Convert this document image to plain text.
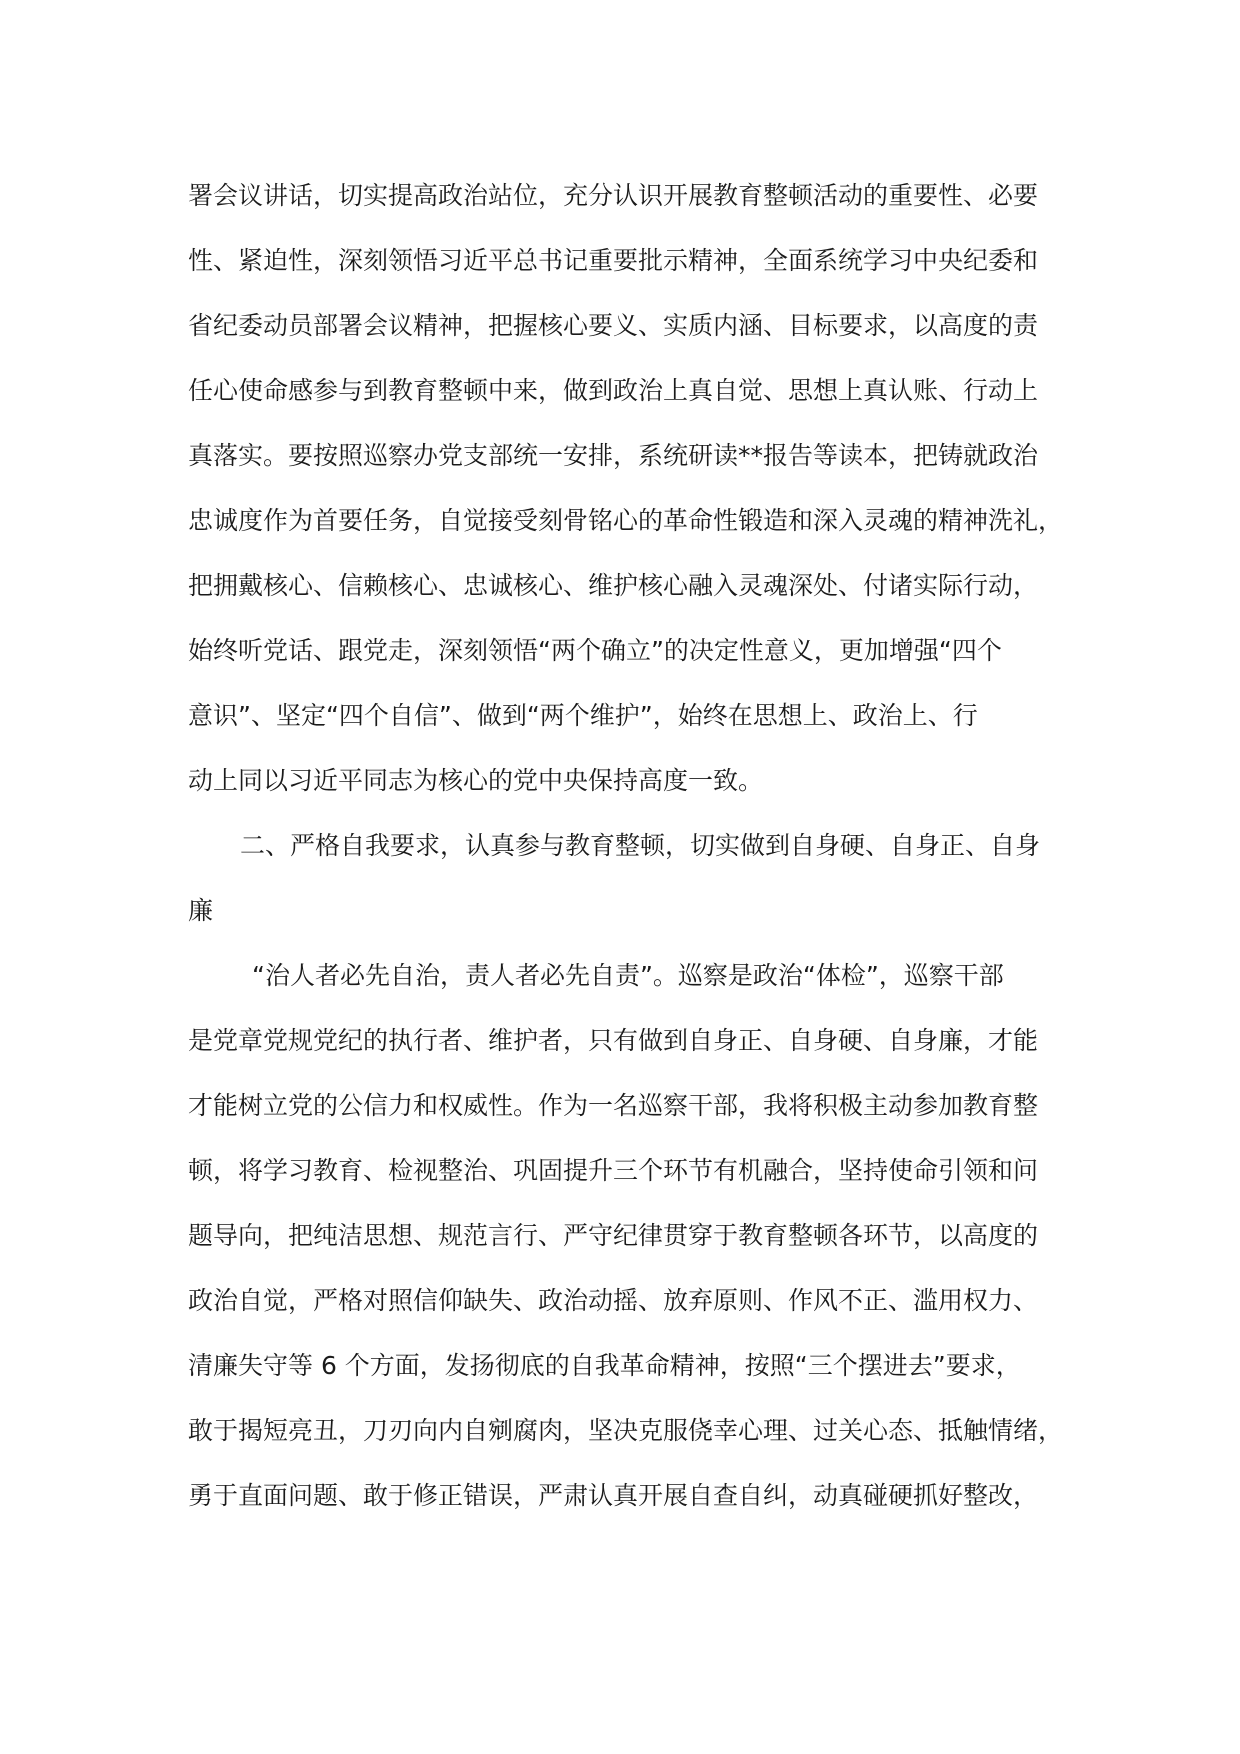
署会议讲话，切实提高政治站位，充分认识开展教育整顿活动的重要性、必要
性、紧迫性，深刻领悟习近平总书记重要批示精神，全面系统学习中央纪委和
省纪委动员部署会议精神，把握核心要义、实质内涵、目标要求，以高度的责
任心使命感参与到教育整顿中来，做到政治上真自觉、思想上真认账、行动上
真落实。要按照巡察办党支部统一安排，系统研读**报告等读本，把铸就政治
忠诚度作为首要任务，自觉接受刻骨铭心的革命性锻造和深入灵魂的精神洗礼，
把拥戴核心、信赖核心、忠诚核心、维护核心融入灵魂深处、付诸实际行动，
始终听党话、跟党走，深刻领悟“两个确立”的决定性意义，更加增强“四个
意识”、坚定“四个自信”、做到“两个维护”，始终在思想上、政治上、行
动上同以习近平同志为核心的党中央保持高度一致。
二、严格自我要求，认真参与教育整顿，切实做到自身硬、自身正、自身
廉
“治人者必先自治，责人者必先自责”。巡察是政治“体检”，巡察干部
是党章党规党纪的执行者、维护者，只有做到自身正、自身硬、自身廉，才能
才能树立党的公信力和权威性。作为一名巡察干部，我将积极主动参加教育整
顿，将学习教育、检视整治、巩固提升三个环节有机融合，坚持使命引领和问
题导向，把纯洁思想、规范言行、严守纪律贯穿于教育整顿各环节，以高度的
政治自觉，严格对照信仰缺失、政治动摇、放弃原则、作风不正、滥用权力、
清廉失守等 6 个方面，发扬彻底的自我革命精神，按照“三个摆进去”要求，
敢于揭短亮丑，刀刃向内自剜腐肉，坚决克服侥幸心理、过关心态、抵触情绪，
勇于直面问题、敢于修正错误，严肃认真开展自查自纠，动真碰硬抓好整改，
